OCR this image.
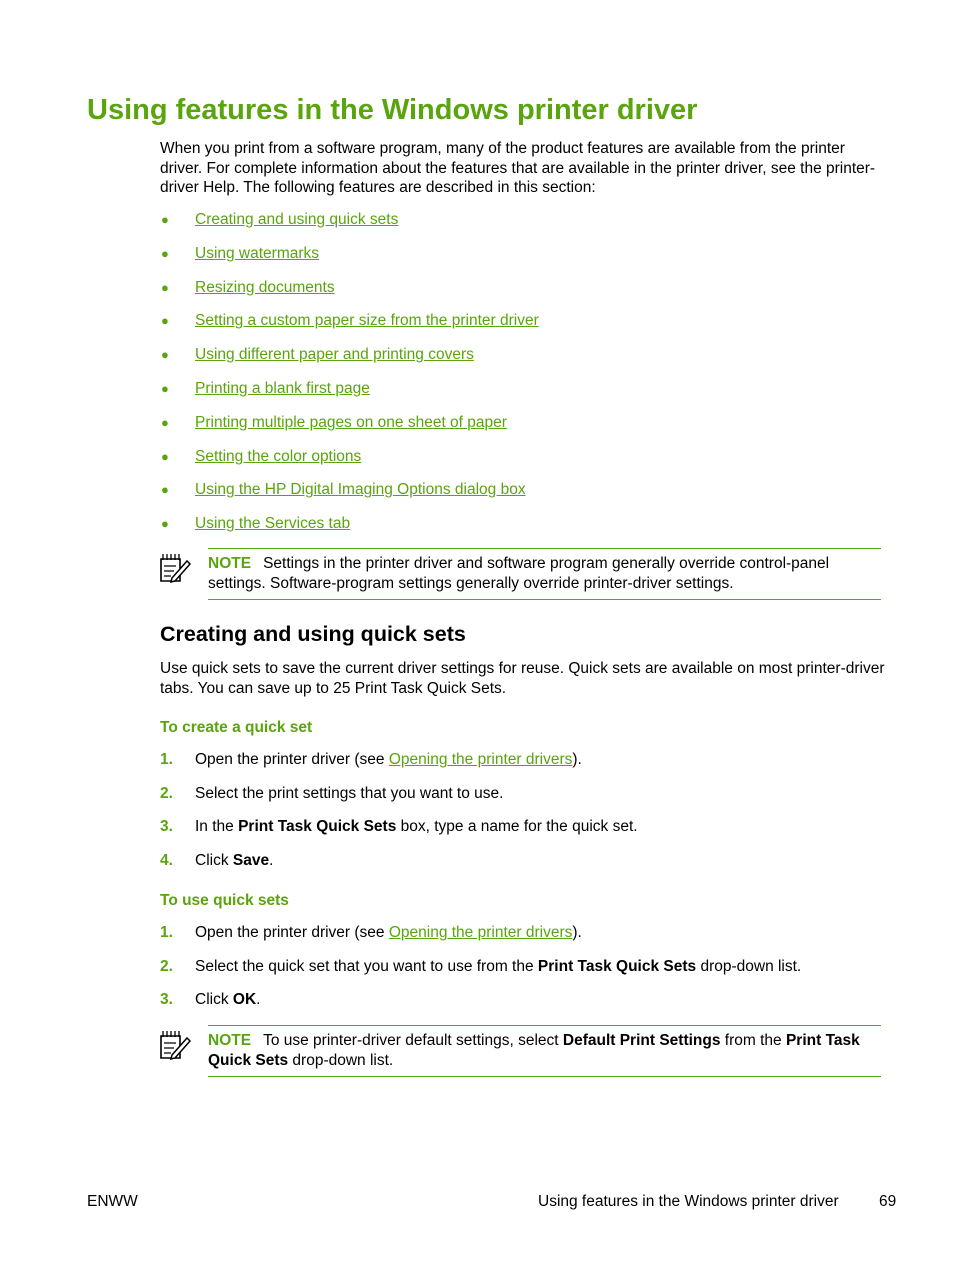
Using features in the Windows printer driver
When you print from a software program, many of the product features are available from the printer driver. For complete information about the features that are available in the printer driver, see the printer-driver Help. The following features are described in this section:
● Creating and using quick sets
● Using watermarks
● Resizing documents
● Setting a custom paper size from the printer driver
● Using different paper and printing covers
● Printing a blank first page
● Printing multiple pages on one sheet of paper
● Setting the color options
● Using the HP Digital Imaging Options dialog box
● Using the Services tab
NOTE Settings in the printer driver and software program generally override control-panel settings. Software-program settings generally override printer-driver settings.
Creating and using quick sets
Use quick sets to save the current driver settings for reuse. Quick sets are available on most printer-driver tabs. You can save up to 25 Print Task Quick Sets.
To create a quick set
1. Open the printer driver (see Opening the printer drivers).
2. Select the print settings that you want to use.
3. In the Print Task Quick Sets box, type a name for the quick set.
4. Click Save.
To use quick sets
1. Open the printer driver (see Opening the printer drivers).
2. Select the quick set that you want to use from the Print Task Quick Sets drop-down list.
3. Click OK.
NOTE To use printer-driver default settings, select Default Print Settings from the Print Task Quick Sets drop-down list.
ENWW	Using features in the Windows printer driver	69
